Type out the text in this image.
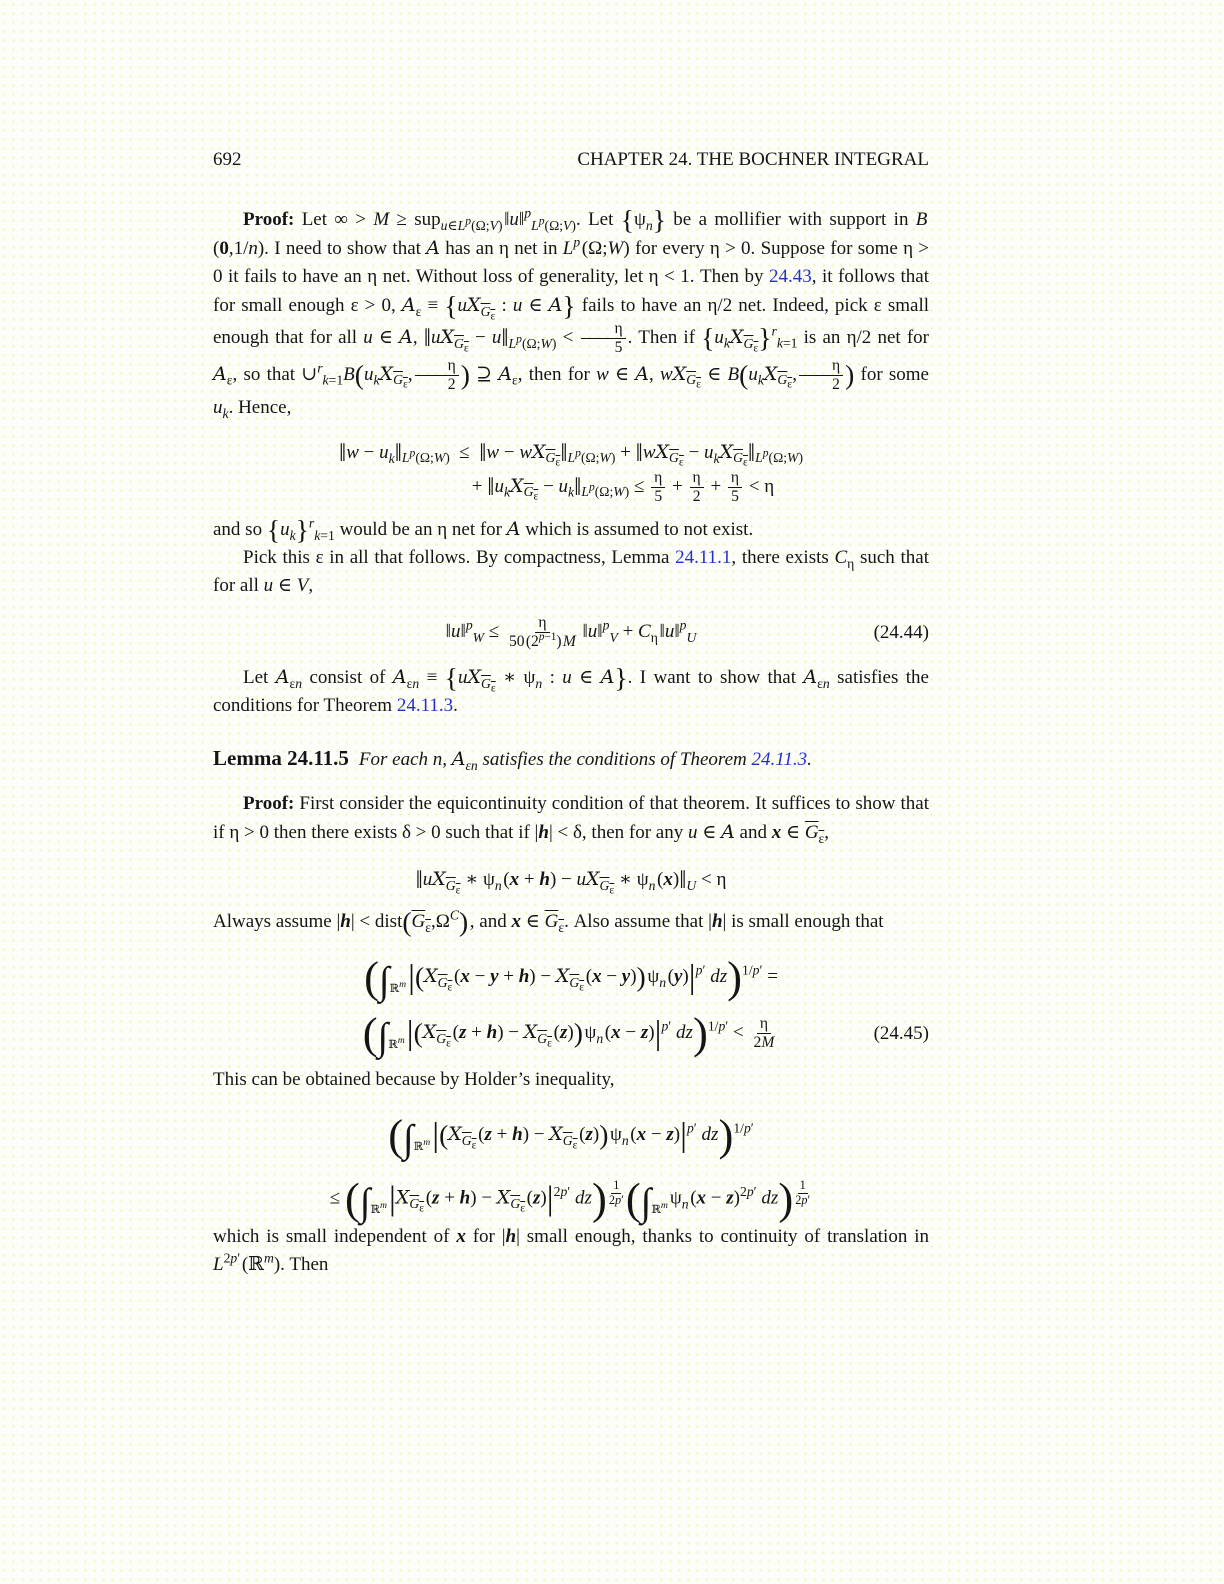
692	CHAPTER 24. THE BOCHNER INTEGRAL

Proof: Let ∞ > M ≥ sup$_{u\in L^p(\Omega;V)}$ ‖u‖$^p_{L^p(\Omega;V)}$. Let $\{\psi_n\}$ be a mollifier with support in B (0,1/n). I need to show that A has an η net in $L^p$ (Ω;W) for every η > 0. Suppose for some η > 0 it fails to have an η net. Without loss of generality, let η < 1. Then by 24.43, it follows that for small enough ε > 0, $A_\varepsilon \equiv \{uX_{G_\varepsilon}$ : u ∈ A} fails to have an η/2 net. Indeed, pick ε small enough that for all u ∈ A, $‖uX_{G_\varepsilon}$ − $u‖_{L^p(\Omega;W)} < \frac{\eta}{5}$ . Then if $\{u_kX_{G_\varepsilon}\}^r_{k=1}$ is an η/2 net for $A_\varepsilon$, so that $\cup^r_{k=1}B(u_kX_{G_\varepsilon}$, $\frac{\eta}{2}$ ) ⊇ $A_\varepsilon$, then for w ∈ A, $wX_{G_\varepsilon}$ ∈ $B(u_kX_{G_\varepsilon}$, $\frac{\eta}{2}$ ) for some $u_k$. Hence,

‖w − $u_k‖_{L^p(\Omega;W)}$  ≤  ‖w − $wX_{G_\varepsilon}‖_{L^p(\Omega;W)}$ + $‖wX_{G_\varepsilon}$ − $u_kX_{G_\varepsilon}‖_{L^p(\Omega;W)}$
+ $‖u_kX_{G_\varepsilon}$ − $u_k‖_{L^p(\Omega;W)} \le \frac{\eta}{5} + \frac{\eta}{2} + \frac{\eta}{5} < \eta$

and so $\{u_k\}^r_{k=1}$ would be an η net for A which is assumed to not exist.

Pick this ε in all that follows. By compactness, Lemma 24.11.1, there exists $C_\eta$ such that for all u ∈ V,

‖u‖$^p_W$ ≤ $\frac{\eta}{50 (2^{p-1}) M}$  ‖u‖$^p_V$ + $C_\eta$ ‖u‖$^p_U$	(24.44)

Let $A_{\varepsilon n}$ consist of $A_{\varepsilon n} \equiv \{uX_{G_\varepsilon}$ ∗ $\psi_n$ : u ∈ A}. I want to show that $A_{\varepsilon n}$ satisfies the conditions for Theorem 24.11.3.

Lemma 24.11.5 For each n, $A_{\varepsilon n}$ satisfies the conditions of Theorem 24.11.3.

Proof: First consider the equicontinuity condition of that theorem. It suffices to show that if η > 0 then there exists δ > 0 such that if |h| < δ, then for any u ∈ A and x ∈ $G_\varepsilon$,

$‖uX_{G_\varepsilon}$ ∗ $\psi_n$ $(x + h) - uX_{G_\varepsilon}$ ∗ $\psi_n$ $(x)‖_U < \eta$

Always assume $|h| < dist(G_\varepsilon,\Omega^C)$ , and x ∈ $G_\varepsilon$. Also assume that |h| is small enough that

($\int_{ℝ^m}|(X_{G_\varepsilon}$ $(x - y + h) - X_{G_\varepsilon}$ (x − y)) $\psi_n$ $(y)|^{p'}$ dz)$^{1/p'}$ =
($\int_{ℝ^m}|(X_{G_\varepsilon}$ $(z + h) - X_{G_\varepsilon}$ (z)) $\psi_n$ $(x - z)|^{p'}$ $dz)^{1/p'} < \frac{\eta}{2M}$	(24.45)

This can be obtained because by Holder’s inequality,

($\int_{ℝ^m}|(X_{G_\varepsilon}$ $(z + h) - X_{G_\varepsilon}$ (z)) $\psi_n$ $(x - z)|^{p'}$ dz)$^{1/p'}$
≤ ($\int_{ℝ^m}|X_{G_\varepsilon}$ $(z + h) - X_{G_\varepsilon}$ $(z)|^{2p'}$ dz) $^{\frac{1}{2p'}}$ ($\int_{ℝ^m}$ $\psi_n$ $(x - z)^{2p'}$ dz) $^{\frac{1}{2p'}}$

which is small independent of x for |h| small enough, thanks to continuity of translation in $L^{2p'}$ (ℝ$^m$). Then
